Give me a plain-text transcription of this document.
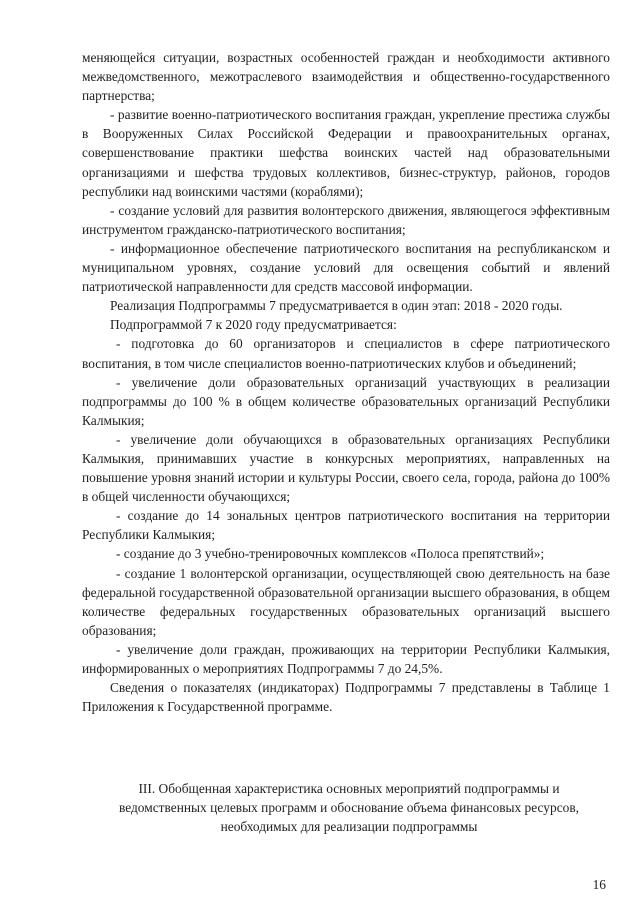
меняющейся ситуации, возрастных особенностей граждан и необходимости активного межведомственного, межотраслевого взаимодействия и общественно-государственного партнерства;

- развитие военно-патриотического воспитания граждан, укрепление престижа службы в Вооруженных Силах Российской Федерации и правоохранительных органах, совершенствование практики шефства воинских частей над образовательными организациями и шефства трудовых коллективов, бизнес-структур, районов, городов республики над воинскими частями (кораблями);

- создание условий для развития волонтерского движения, являющегося эффективным инструментом гражданско-патриотического воспитания;

- информационное обеспечение патриотического воспитания на республиканском и муниципальном уровнях, создание условий для освещения событий и явлений патриотической направленности для средств массовой информации.

Реализация Подпрограммы 7 предусматривается в один этап: 2018 - 2020 годы.

Подпрограммой 7 к 2020 году предусматривается:

- подготовка до 60 организаторов и специалистов в сфере патриотического воспитания, в том числе специалистов военно-патриотических клубов и объединений;

- увеличение доли образовательных организаций участвующих в реализации подпрограммы до 100 % в общем количестве образовательных организаций Республики Калмыкия;

- увеличение доли обучающихся в образовательных организациях Республики Калмыкия, принимавших участие в конкурсных мероприятиях, направленных на повышение уровня знаний истории и культуры России, своего села, города, района до 100% в общей численности обучающихся;

- создание до 14 зональных центров патриотического воспитания на территории Республики Калмыкия;

- создание до 3 учебно-тренировочных комплексов «Полоса препятствий»;

- создание 1 волонтерской организации, осуществляющей свою деятельность на базе федеральной государственной образовательной организации высшего образования, в общем количестве федеральных государственных образовательных организаций высшего образования;

- увеличение доли граждан, проживающих на территории Республики Калмыкия, информированных о мероприятиях Подпрограммы 7 до 24,5%.

Сведения о показателях (индикаторах) Подпрограммы 7 представлены в Таблице 1 Приложения к Государственной программе.

III. Обобщенная характеристика основных мероприятий подпрограммы и ведомственных целевых программ и обоснование объема финансовых ресурсов, необходимых для реализации подпрограммы

16
